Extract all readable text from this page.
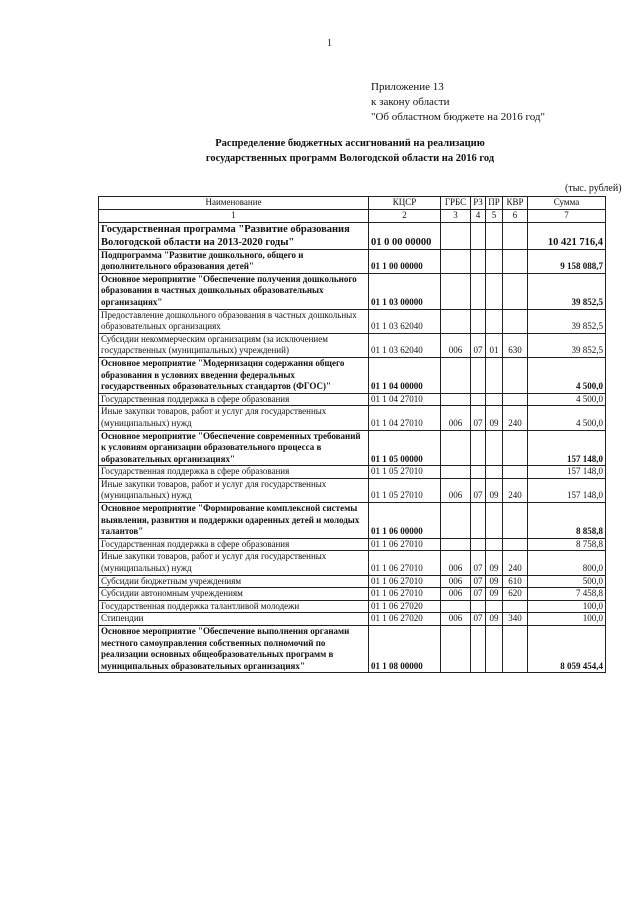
1
Приложение 13
к закону области
"Об областном бюджете на 2016 год"
Распределение бюджетных ассигнований на реализацию
государственных программ Вологодской области на 2016 год
(тыс. рублей)
Наименование	КЦСР	ГРБС	РЗ	ПР	КВР	Сумма
1	2	3	4	5	6	7
Государственная программа "Развитие образования Вологодской области на 2013-2020 годы"	01 0 00 00000					10 421 716,4
Подпрограмма "Развитие дошкольного, общего и дополнительного образования детей"	01 1 00 00000					9 158 088,7
Основное мероприятие "Обеспечение получения дошкольного образования в частных дошкольных образовательных организациях"	01 1 03 00000					39 852,5
Предоставление дошкольного образования в частных дошкольных образовательных организациях	01 1 03 62040					39 852,5
Субсидии некоммерческим организациям (за исключением государственных (муниципальных) учреждений)	01 1 03 62040	006	07	01	630	39 852,5
Основное мероприятие "Модернизация содержания общего образования в условиях введения федеральных государственных образовательных стандартов (ФГОС)"	01 1 04 00000					4 500,0
Государственная поддержка в сфере образования	01 1 04 27010					4 500,0
Иные закупки товаров, работ и услуг для государственных (муниципальных) нужд	01 1 04 27010	006	07	09	240	4 500,0
Основное мероприятие "Обеспечение современных требований к условиям организации образовательного процесса в образовательных организациях"	01 1 05 00000					157 148,0
Государственная поддержка в сфере образования	01 1 05 27010					157 148,0
Иные закупки товаров, работ и услуг для государственных (муниципальных) нужд	01 1 05 27010	006	07	09	240	157 148,0
Основное мероприятие "Формирование комплексной системы выявления, развития и поддержки одаренных детей и молодых талантов"	01 1 06 00000					8 858,8
Государственная поддержка в сфере образования	01 1 06 27010					8 758,8
Иные закупки товаров, работ и услуг для государственных (муниципальных) нужд	01 1 06 27010	006	07	09	240	800,0
Субсидии бюджетным учреждениям	01 1 06 27010	006	07	09	610	500,0
Субсидии автономным учреждениям	01 1 06 27010	006	07	09	620	7 458,8
Государственная поддержка талантливой молодежи	01 1 06 27020					100,0
Стипендии	01 1 06 27020	006	07	09	340	100,0
Основное мероприятие "Обеспечение выполнения органами местного самоуправления собственных полномочий по реализации основных общеобразовательных программ в муниципальных образовательных организациях"	01 1 08 00000					8 059 454,4
